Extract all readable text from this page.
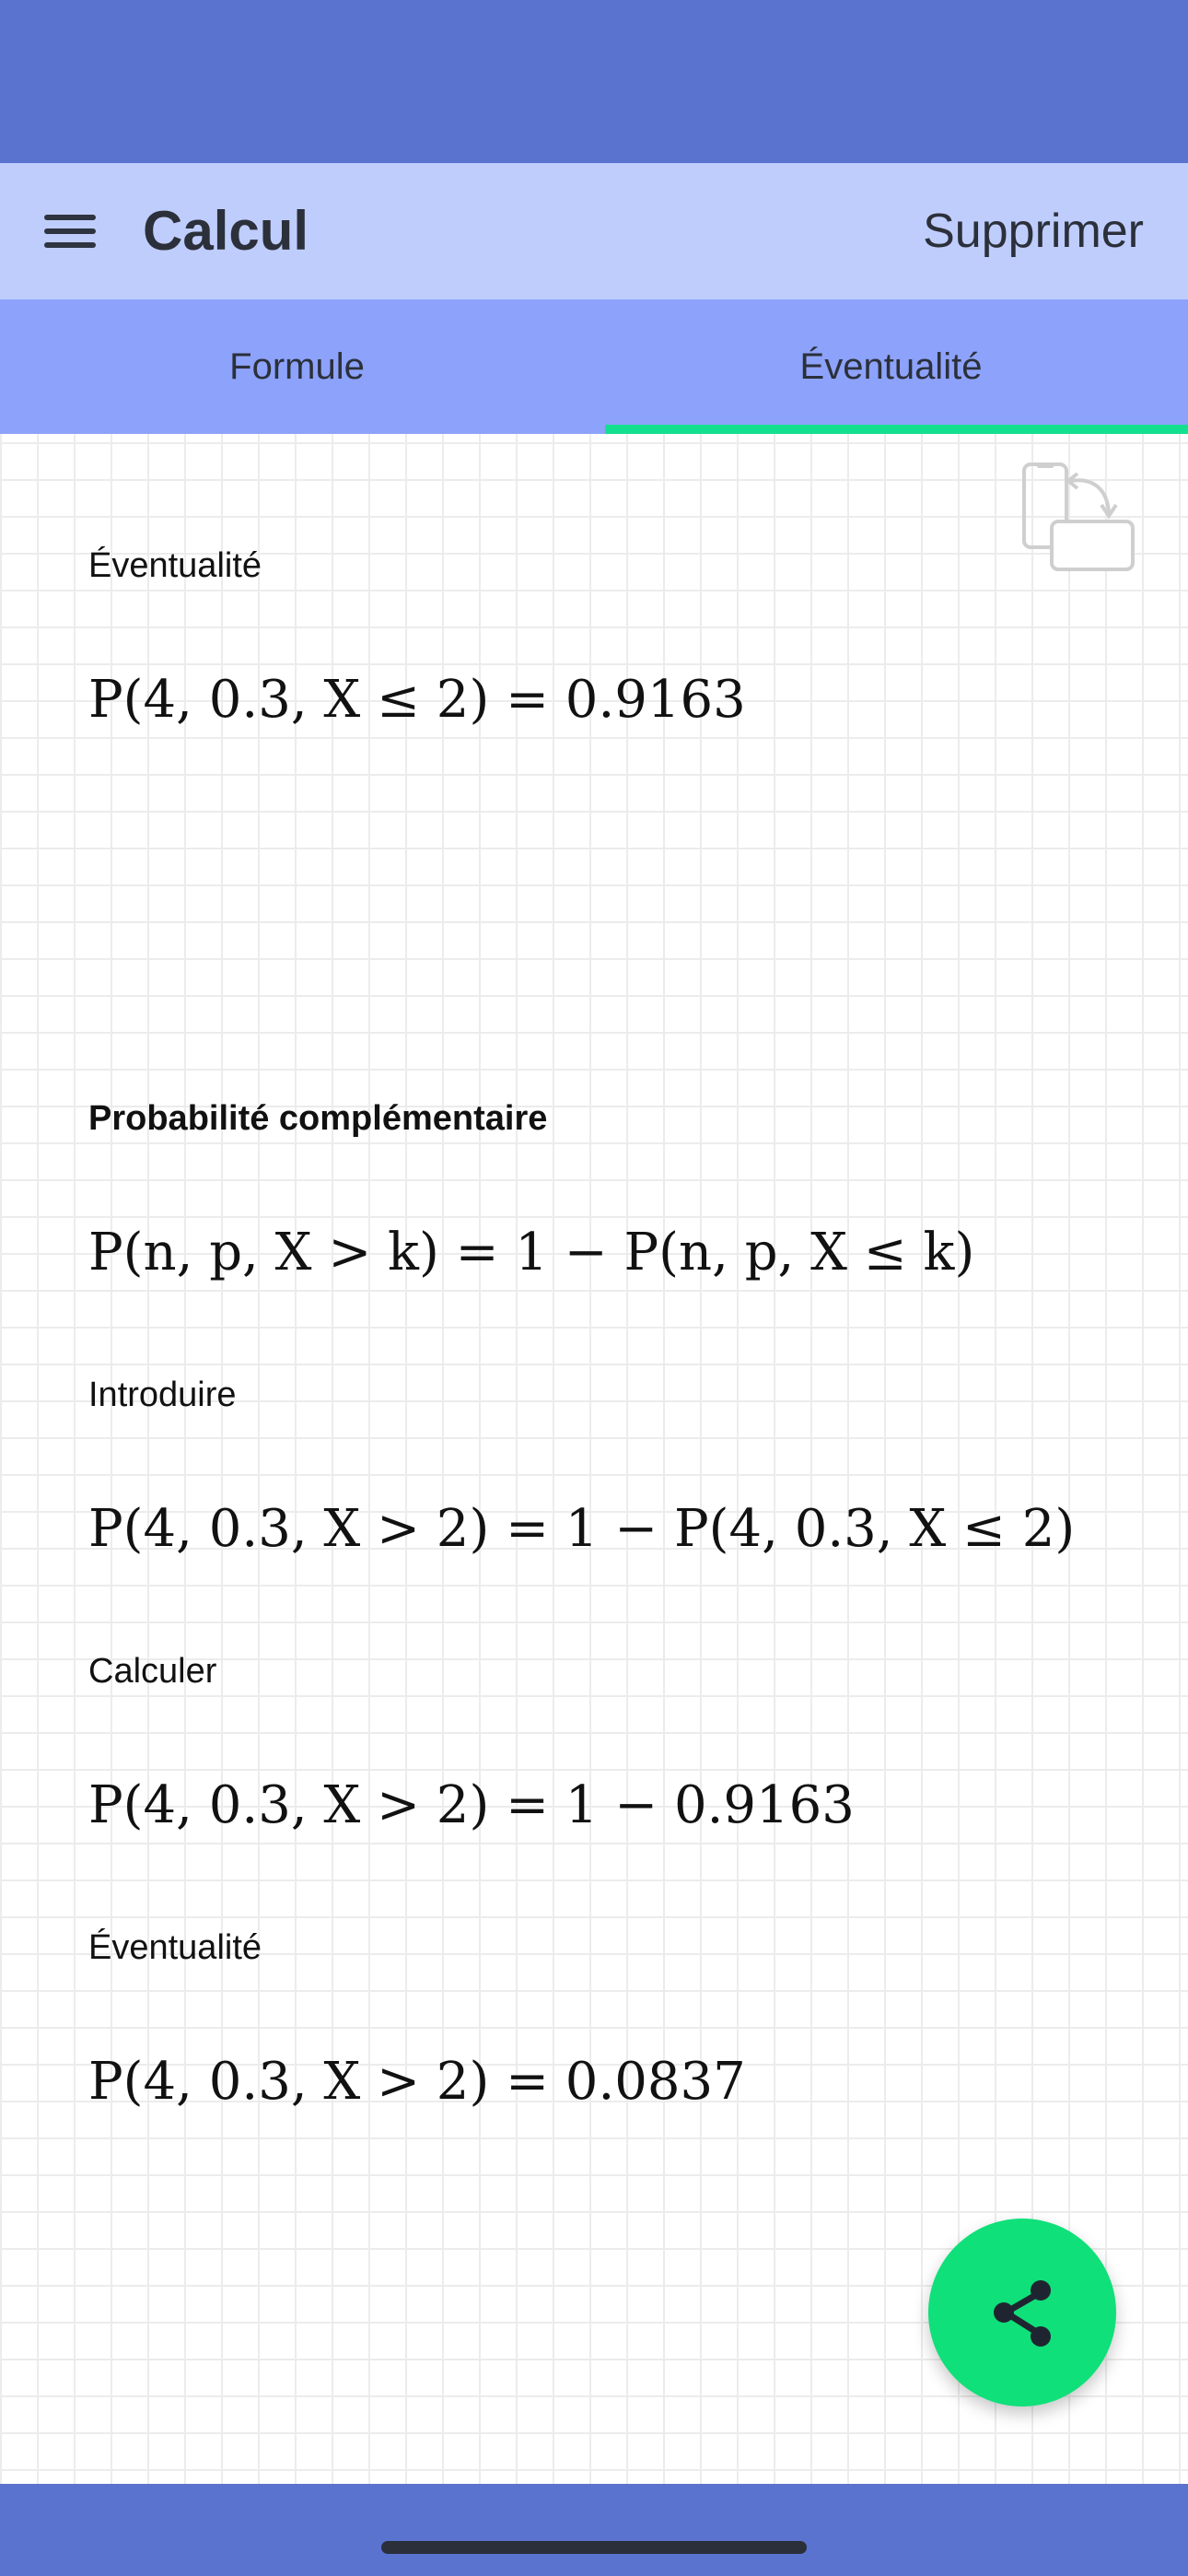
Calcul	Supprimer
Formule	Éventualité
Éventualité
P(4, 0.3, X ≤ 2) = 0.9163
Probabilité complémentaire
P(n, p, X > k) = 1 − P(n, p, X ≤ k)
Introduire
P(4, 0.3, X > 2) = 1 − P(4, 0.3, X ≤ 2)
Calculer
P(4, 0.3, X > 2) = 1 − 0.9163
Éventualité
P(4, 0.3, X > 2) = 0.0837
